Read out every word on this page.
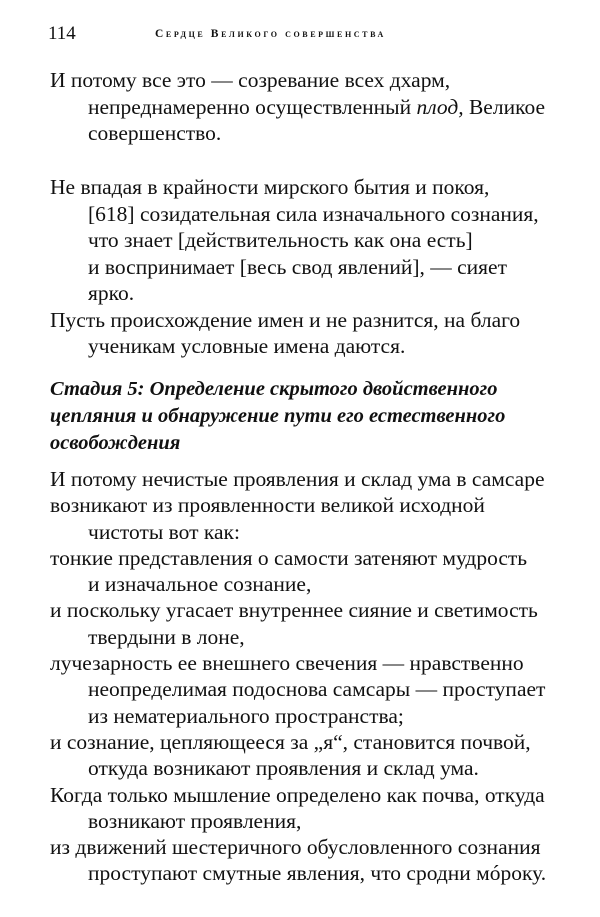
114	Сердце Великого совершенства
И потому все это — созревание всех дхарм,
непреднамеренно осуществленный плод, Великое
совершенство.
Не впадая в крайности мирского бытия и покоя,
[618] созидательная сила изначального сознания,
что знает [действительность как она есть]
и воспринимает [весь свод явлений], — сияет
ярко.
Пусть происхождение имен и не разнится, на благо
ученикам условные имена даются.
Стадия 5: Определение скрытого двойственного
цепляния и обнаружение пути его естественного
освобождения
И потому нечистые проявления и склад ума в самсаре
возникают из проявленности великой исходной
чистоты вот как:
тонкие представления о самости затеняют мудрость
и изначальное сознание,
и поскольку угасает внутреннее сияние и светимость
твердыни в лоне,
лучезарность ее внешнего свечения — нравственно
неопределимая подоснова самсары — проступает
из нематериального пространства;
и сознание, цепляющееся за „я“, становится почвой,
откуда возникают проявления и склад ума.
Когда только мышление определено как почва, откуда
возникают проявления,
из движений шестеричного обусловленного сознания
проступают смутные явления, что сродни мóроку.
